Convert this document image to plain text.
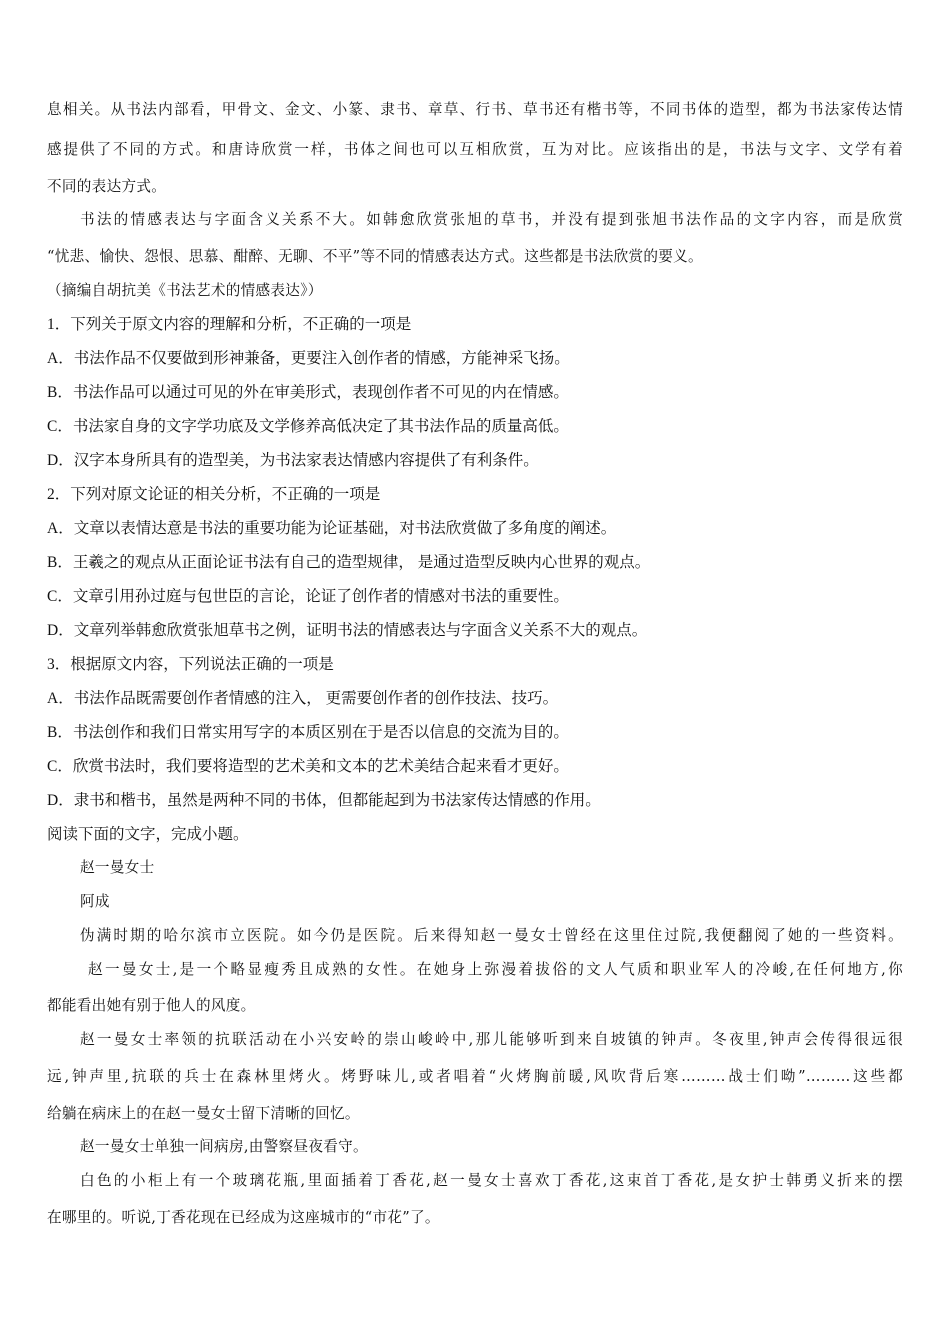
息相关。从书法内部看，甲骨文、金文、小篆、隶书、章草、行书、草书还有楷书等，不同书体的造型，都为书法家传达情
感提供了不同的方式。和唐诗欣赏一样，书体之间也可以互相欣赏，互为对比。应该指出的是，书法与文字、文学有着
不同的表达方式。
书法的情感表达与字面含义关系不大。如韩愈欣赏张旭的草书，并没有提到张旭书法作品的文字内容，而是欣赏
“忧悲、愉快、怨恨、思慕、酣醉、无聊、不平”等不同的情感表达方式。这些都是书法欣赏的要义。
（摘编自胡抗美《书法艺术的情感表达》）
1．下列关于原文内容的理解和分析，不正确的一项是
A．书法作品不仅要做到形神兼备，更要注入创作者的情感，方能神采飞扬。
B．书法作品可以通过可见的外在审美形式，表现创作者不可见的内在情感。
C．书法家自身的文字学功底及文学修养高低决定了其书法作品的质量高低。
D．汉字本身所具有的造型美，为书法家表达情感内容提供了有利条件。
2．下列对原文论证的相关分析，不正确的一项是
A．文章以表情达意是书法的重要功能为论证基础，对书法欣赏做了多角度的阐述。
B．王羲之的观点从正面论证书法有自己的造型规律， 是通过造型反映内心世界的观点。
C．文章引用孙过庭与包世臣的言论，论证了创作者的情感对书法的重要性。
D．文章列举韩愈欣赏张旭草书之例，证明书法的情感表达与字面含义关系不大的观点。
3．根据原文内容，下列说法正确的一项是
A．书法作品既需要创作者情感的注入， 更需要创作者的创作技法、技巧。
B．书法创作和我们日常实用写字的本质区别在于是否以信息的交流为目的。
C．欣赏书法时，我们要将造型的艺术美和文本的艺术美结合起来看才更好。
D．隶书和楷书，虽然是两种不同的书体，但都能起到为书法家传达情感的作用。
阅读下面的文字，完成小题。
赵一曼女士
阿成
伪满时期的哈尔滨市立医院。如今仍是医院。后来得知赵一曼女士曾经在这里住过院,我便翻阅了她的一些资料。
赵一曼女士,是一个略显瘦秀且成熟的女性。在她身上弥漫着拔俗的文人气质和职业军人的冷峻,在任何地方,你
都能看出她有别于他人的风度。
赵一曼女士率领的抗联活动在小兴安岭的崇山峻岭中,那儿能够听到来自坡镇的钟声。冬夜里,钟声会传得很远很
远,钟声里,抗联的兵士在森林里烤火。烤野味儿,或者唱着“火烤胸前暖,风吹背后寒………战士们呦”………这些都
给躺在病床上的在赵一曼女士留下清晰的回忆。
赵一曼女士单独一间病房,由警察昼夜看守。
白色的小柜上有一个玻璃花瓶,里面插着丁香花,赵一曼女士喜欢丁香花,这束首丁香花,是女护士韩勇义折来的摆
在哪里的。听说,丁香花现在已经成为这座城市的“市花”了。
